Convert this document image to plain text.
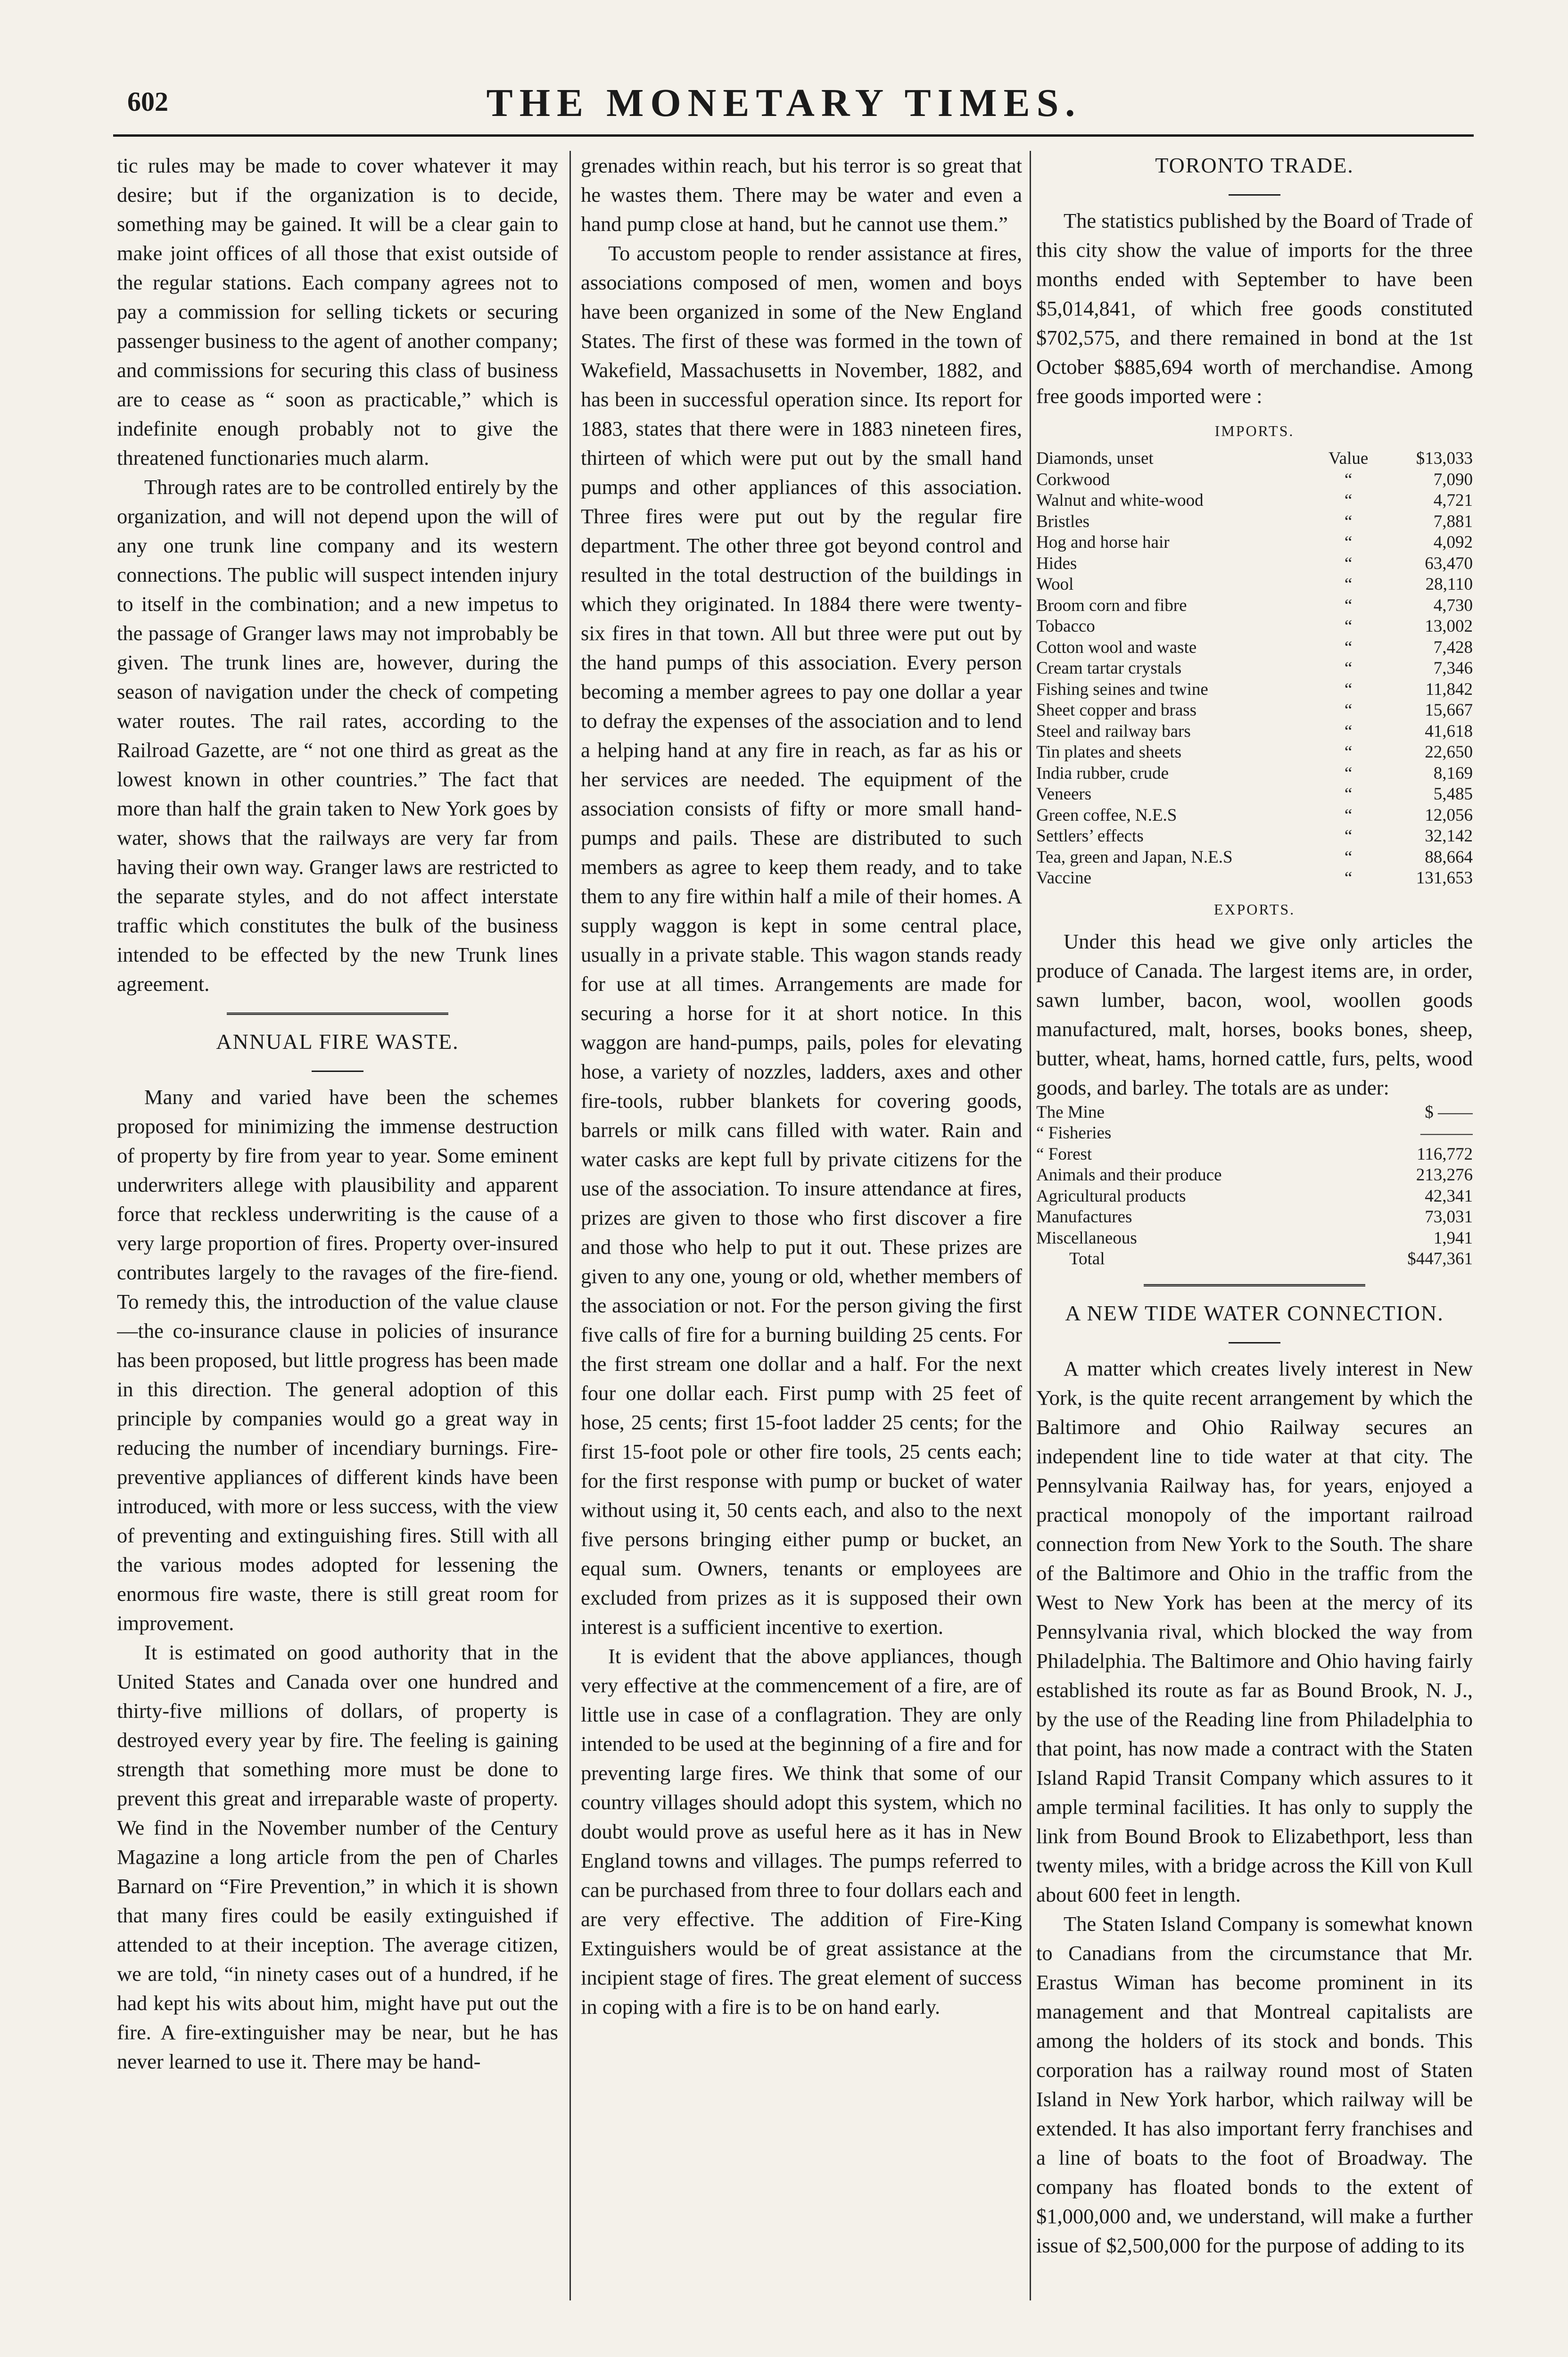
602	THE MONETARY TIMES.

tic rules may be made to cover whatever it may desire; but if the organization is to decide, something may be gained. It will be a clear gain to make joint offices of all those that exist outside of the regular stations. Each company agrees not to pay a commission for selling tickets or securing passenger business to the agent of another company; and commissions for securing this class of business are to cease as “ soon as practicable,” which is indefinite enough probably not to give the threatened functionaries much alarm.

Through rates are to be controlled entirely by the organization, and will not depend upon the will of any one trunk line company and its western connections. The public will suspect intenden injury to itself in the combination; and a new impetus to the passage of Granger laws may not improbably be given. The trunk lines are, however, during the season of navigation under the check of competing water routes. The rail rates, according to the Railroad Gazette, are “ not one third as great as the lowest known in other countries.” The fact that more than half the grain taken to New York goes by water, shows that the railways are very far from having their own way. Granger laws are restricted to the separate styles, and do not affect interstate traffic which constitutes the bulk of the business intended to be effected by the new Trunk lines agreement.

ANNUAL FIRE WASTE.

Many and varied have been the schemes proposed for minimizing the immense destruction of property by fire from year to year. Some eminent underwriters allege with plausibility and apparent force that reckless underwriting is the cause of a very large proportion of fires. Property over-insured contributes largely to the ravages of the fire-fiend. To remedy this, the introduction of the value clause—the co-insurance clause in policies of insurance has been proposed, but little progress has been made in this direction. The general adoption of this principle by companies would go a great way in reducing the number of incendiary burnings. Fire-preventive appliances of different kinds have been introduced, with more or less success, with the view of preventing and extinguishing fires. Still with all the various modes adopted for lessening the enormous fire waste, there is still great room for improvement.

It is estimated on good authority that in the United States and Canada over one hundred and thirty-five millions of dollars, of property is destroyed every year by fire. The feeling is gaining strength that something more must be done to prevent this great and irreparable waste of property. We find in the November number of the Century Magazine a long article from the pen of Charles Barnard on “Fire Prevention,” in which it is shown that many fires could be easily extinguished if attended to at their inception. The average citizen, we are told, “in ninety cases out of a hundred, if he had kept his wits about him, might have put out the fire. A fire-extinguisher may be near, but he has never learned to use it. There may be hand-

grenades within reach, but his terror is so great that he wastes them. There may be water and even a hand pump close at hand, but he cannot use them.”

To accustom people to render assistance at fires, associations composed of men, women and boys have been organized in some of the New England States. The first of these was formed in the town of Wakefield, Massachusetts in November, 1882, and has been in successful operation since. Its report for 1883, states that there were in 1883 nineteen fires, thirteen of which were put out by the small hand pumps and other appliances of this association. Three fires were put out by the regular fire department. The other three got beyond control and resulted in the total destruction of the buildings in which they originated. In 1884 there were twenty-six fires in that town. All but three were put out by the hand pumps of this association. Every person becoming a member agrees to pay one dollar a year to defray the expenses of the association and to lend a helping hand at any fire in reach, as far as his or her services are needed. The equipment of the association consists of fifty or more small hand-pumps and pails. These are distributed to such members as agree to keep them ready, and to take them to any fire within half a mile of their homes. A supply waggon is kept in some central place, usually in a private stable. This wagon stands ready for use at all times. Arrangements are made for securing a horse for it at short notice. In this waggon are hand-pumps, pails, poles for elevating hose, a variety of nozzles, ladders, axes and other fire-tools, rubber blankets for covering goods, barrels or milk cans filled with water. Rain and water casks are kept full by private citizens for the use of the association. To insure attendance at fires, prizes are given to those who first discover a fire and those who help to put it out. These prizes are given to any one, young or old, whether members of the association or not. For the person giving the first five calls of fire for a burning building 25 cents. For the first stream one dollar and a half. For the next four one dollar each. First pump with 25 feet of hose, 25 cents; first 15-foot ladder 25 cents; for the first 15-foot pole or other fire tools, 25 cents each; for the first response with pump or bucket of water without using it, 50 cents each, and also to the next five persons bringing either pump or bucket, an equal sum. Owners, tenants or employees are excluded from prizes as it is supposed their own interest is a sufficient incentive to exertion.

It is evident that the above appliances, though very effective at the commencement of a fire, are of little use in case of a conflagration. They are only intended to be used at the beginning of a fire and for preventing large fires. We think that some of our country villages should adopt this system, which no doubt would prove as useful here as it has in New England towns and villages. The pumps referred to can be purchased from three to four dollars each and are very effective. The addition of Fire-King Extinguishers would be of great assistance at the incipient stage of fires. The great element of success in coping with a fire is to be on hand early.

TORONTO TRADE.

The statistics published by the Board of Trade of this city show the value of imports for the three months ended with September to have been $5,014,841, of which free goods constituted $702,575, and there remained in bond at the 1st October $885,694 worth of merchandise. Among free goods imported were :

IMPORTS.
Diamonds, unset	Value	$13,033
Corkwood	“	7,090
Walnut and white-wood	“	4,721
Bristles	“	7,881
Hog and horse hair	“	4,092
Hides	“	63,470
Wool	“	28,110
Broom corn and fibre	“	4,730
Tobacco	“	13,002
Cotton wool and waste	“	7,428
Cream tartar crystals	“	7,346
Fishing seines and twine	“	11,842
Sheet copper and brass	“	15,667
Steel and railway bars	“	41,618
Tin plates and sheets	“	22,650
India rubber, crude	“	8,169
Veneers	“	5,485
Green coffee, N.E.S	“	12,056
Settlers’ effects	“	32,142
Tea, green and Japan, N.E.S	“	88,664
Vaccine	“	131,653
EXPORTS.

Under this head we give only articles the produce of Canada. The largest items are, in order, sawn lumber, bacon, wool, woollen goods manufactured, malt, horses, books bones, sheep, butter, wheat, hams, horned cattle, furs, pelts, wood goods, and barley. The totals are as under:

The Mine	$ ——
“ Fisheries	———
“ Forest	116,772
Animals and their produce	213,276
Agricultural products	42,341
Manufactures	73,031
Miscellaneous	1,941
Total	$447,361
A NEW TIDE WATER CONNECTION.

A matter which creates lively interest in New York, is the quite recent arrangement by which the Baltimore and Ohio Railway secures an independent line to tide water at that city. The Pennsylvania Railway has, for years, enjoyed a practical monopoly of the important railroad connection from New York to the South. The share of the Baltimore and Ohio in the traffic from the West to New York has been at the mercy of its Pennsylvania rival, which blocked the way from Philadelphia. The Baltimore and Ohio having fairly established its route as far as Bound Brook, N. J., by the use of the Reading line from Philadelphia to that point, has now made a contract with the Staten Island Rapid Transit Company which assures to it ample terminal facilities. It has only to supply the link from Bound Brook to Elizabethport, less than twenty miles, with a bridge across the Kill von Kull about 600 feet in length.

The Staten Island Company is somewhat known to Canadians from the circumstance that Mr. Erastus Wiman has become prominent in its management and that Montreal capitalists are among the holders of its stock and bonds. This corporation has a railway round most of Staten Island in New York harbor, which railway will be extended. It has also important ferry franchises and a line of boats to the foot of Broadway. The company has floated bonds to the extent of $1,000,000 and, we understand, will make a further issue of $2,500,000 for the purpose of adding to its
